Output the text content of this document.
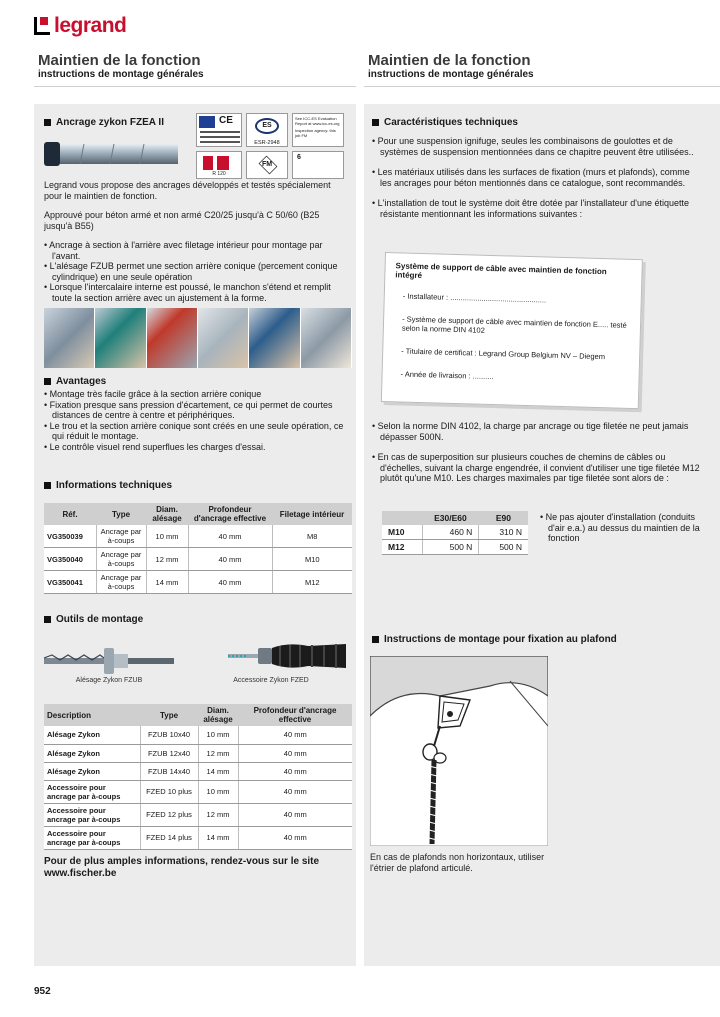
legrand
Maintien de la fonction
instructions de montage générales
Maintien de la fonction
instructions de montage générales
Ancrage zykon FZEA II	CE	ES
ESR-2948
See ICC-ES Evaluation Report at www.icc-es.org
Inspection agency: this job FM
R 120
FM
6
Legrand vous propose des ancrages développés et testés spécialement pour le maintien de fonction.
Approuvé pour béton armé et non armé C20/25 jusqu'à C 50/60 (B25 jusqu'à B55)
• Ancrage à section à l'arrière avec filetage intérieur pour montage par l'avant.
• L'alésage FZUB permet une section arrière conique (percement conique cylindrique) en une seule opération
• Lorsque l'intercalaire interne est poussé, le manchon s'étend et remplit toute la section arrière avec un ajustement à la forme.
Avantages
• Montage très facile grâce à la section arrière conique
• Fixation presque sans pression d'écartement, ce qui permet de courtes distances de centre à centre et périphériques.
• Le trou et la section arrière conique sont créés en une seule opération, ce qui réduit le montage.
• Le contrôle visuel rend superflues les charges d'essai.
Informations techniques
Réf.	Type	Diam. alésage	Profondeur d'ancrage effective	Filetage intérieur
VG350039	Ancrage par à-coups	10 mm	40 mm	M8
VG350040	Ancrage par à-coups	12 mm	40 mm	M10
VG350041	Ancrage par à-coups	14 mm	40 mm	M12
Outils de montage
Alésage Zykon FZUB	Accessoire Zykon FZED
Description	Type	Diam. alésage	Profondeur d'ancrage effective
Alésage Zykon	FZUB 10x40	10 mm	40 mm
Alésage Zykon	FZUB 12x40	12 mm	40 mm
Alésage Zykon	FZUB 14x40	14 mm	40 mm
Accessoire pour ancrage par à-coups	FZED 10 plus	10 mm	40 mm
Accessoire pour ancrage par à-coups	FZED 12 plus	12 mm	40 mm
Accessoire pour ancrage par à-coups	FZED 14 plus	14 mm	40 mm
Pour de plus amples informations, rendez-vous sur le site www.fischer.be
Caractéristiques techniques
• Pour une suspension ignifuge, seules les combinaisons de goulottes et de systèmes de suspension mentionnées dans ce chapitre peuvent être utilisées..
• Les matériaux utilisés dans les surfaces de fixation (murs et plafonds), comme les ancrages pour béton mentionnés dans ce catalogue, sont recommandés.
• L'installation de tout le système doit être dotée par l'installateur d'une étiquette résistante mentionnant les informations suivantes :
Système de support de câble avec maintien de fonction intégré
- Installateur : ..............................................
- Système de support de câble avec maintien de fonction E..... testé selon la norme DIN 4102
- Titulaire de certificat : Legrand Group Belgium NV – Diegem
- Année de livraison : ..........
• Selon la norme DIN 4102, la charge par ancrage ou tige filetée ne peut jamais dépasser 500N.
• En cas de superposition sur plusieurs couches de chemins de câbles ou d'échelles, suivant la charge engendrée, il convient d'utiliser une tige filetée M12 plutôt qu'une M10. Les charges maximales par tige filetée sont alors de :
	E30/E60	E90
M10	460 N	310 N
M12	500 N	500 N
• Ne pas ajouter d'installation (conduits d'air e.a.) au dessus du maintien de la fonction
Instructions de montage pour fixation au plafond
En cas de plafonds non horizontaux, utiliser l'étrier de plafond articulé.
952
